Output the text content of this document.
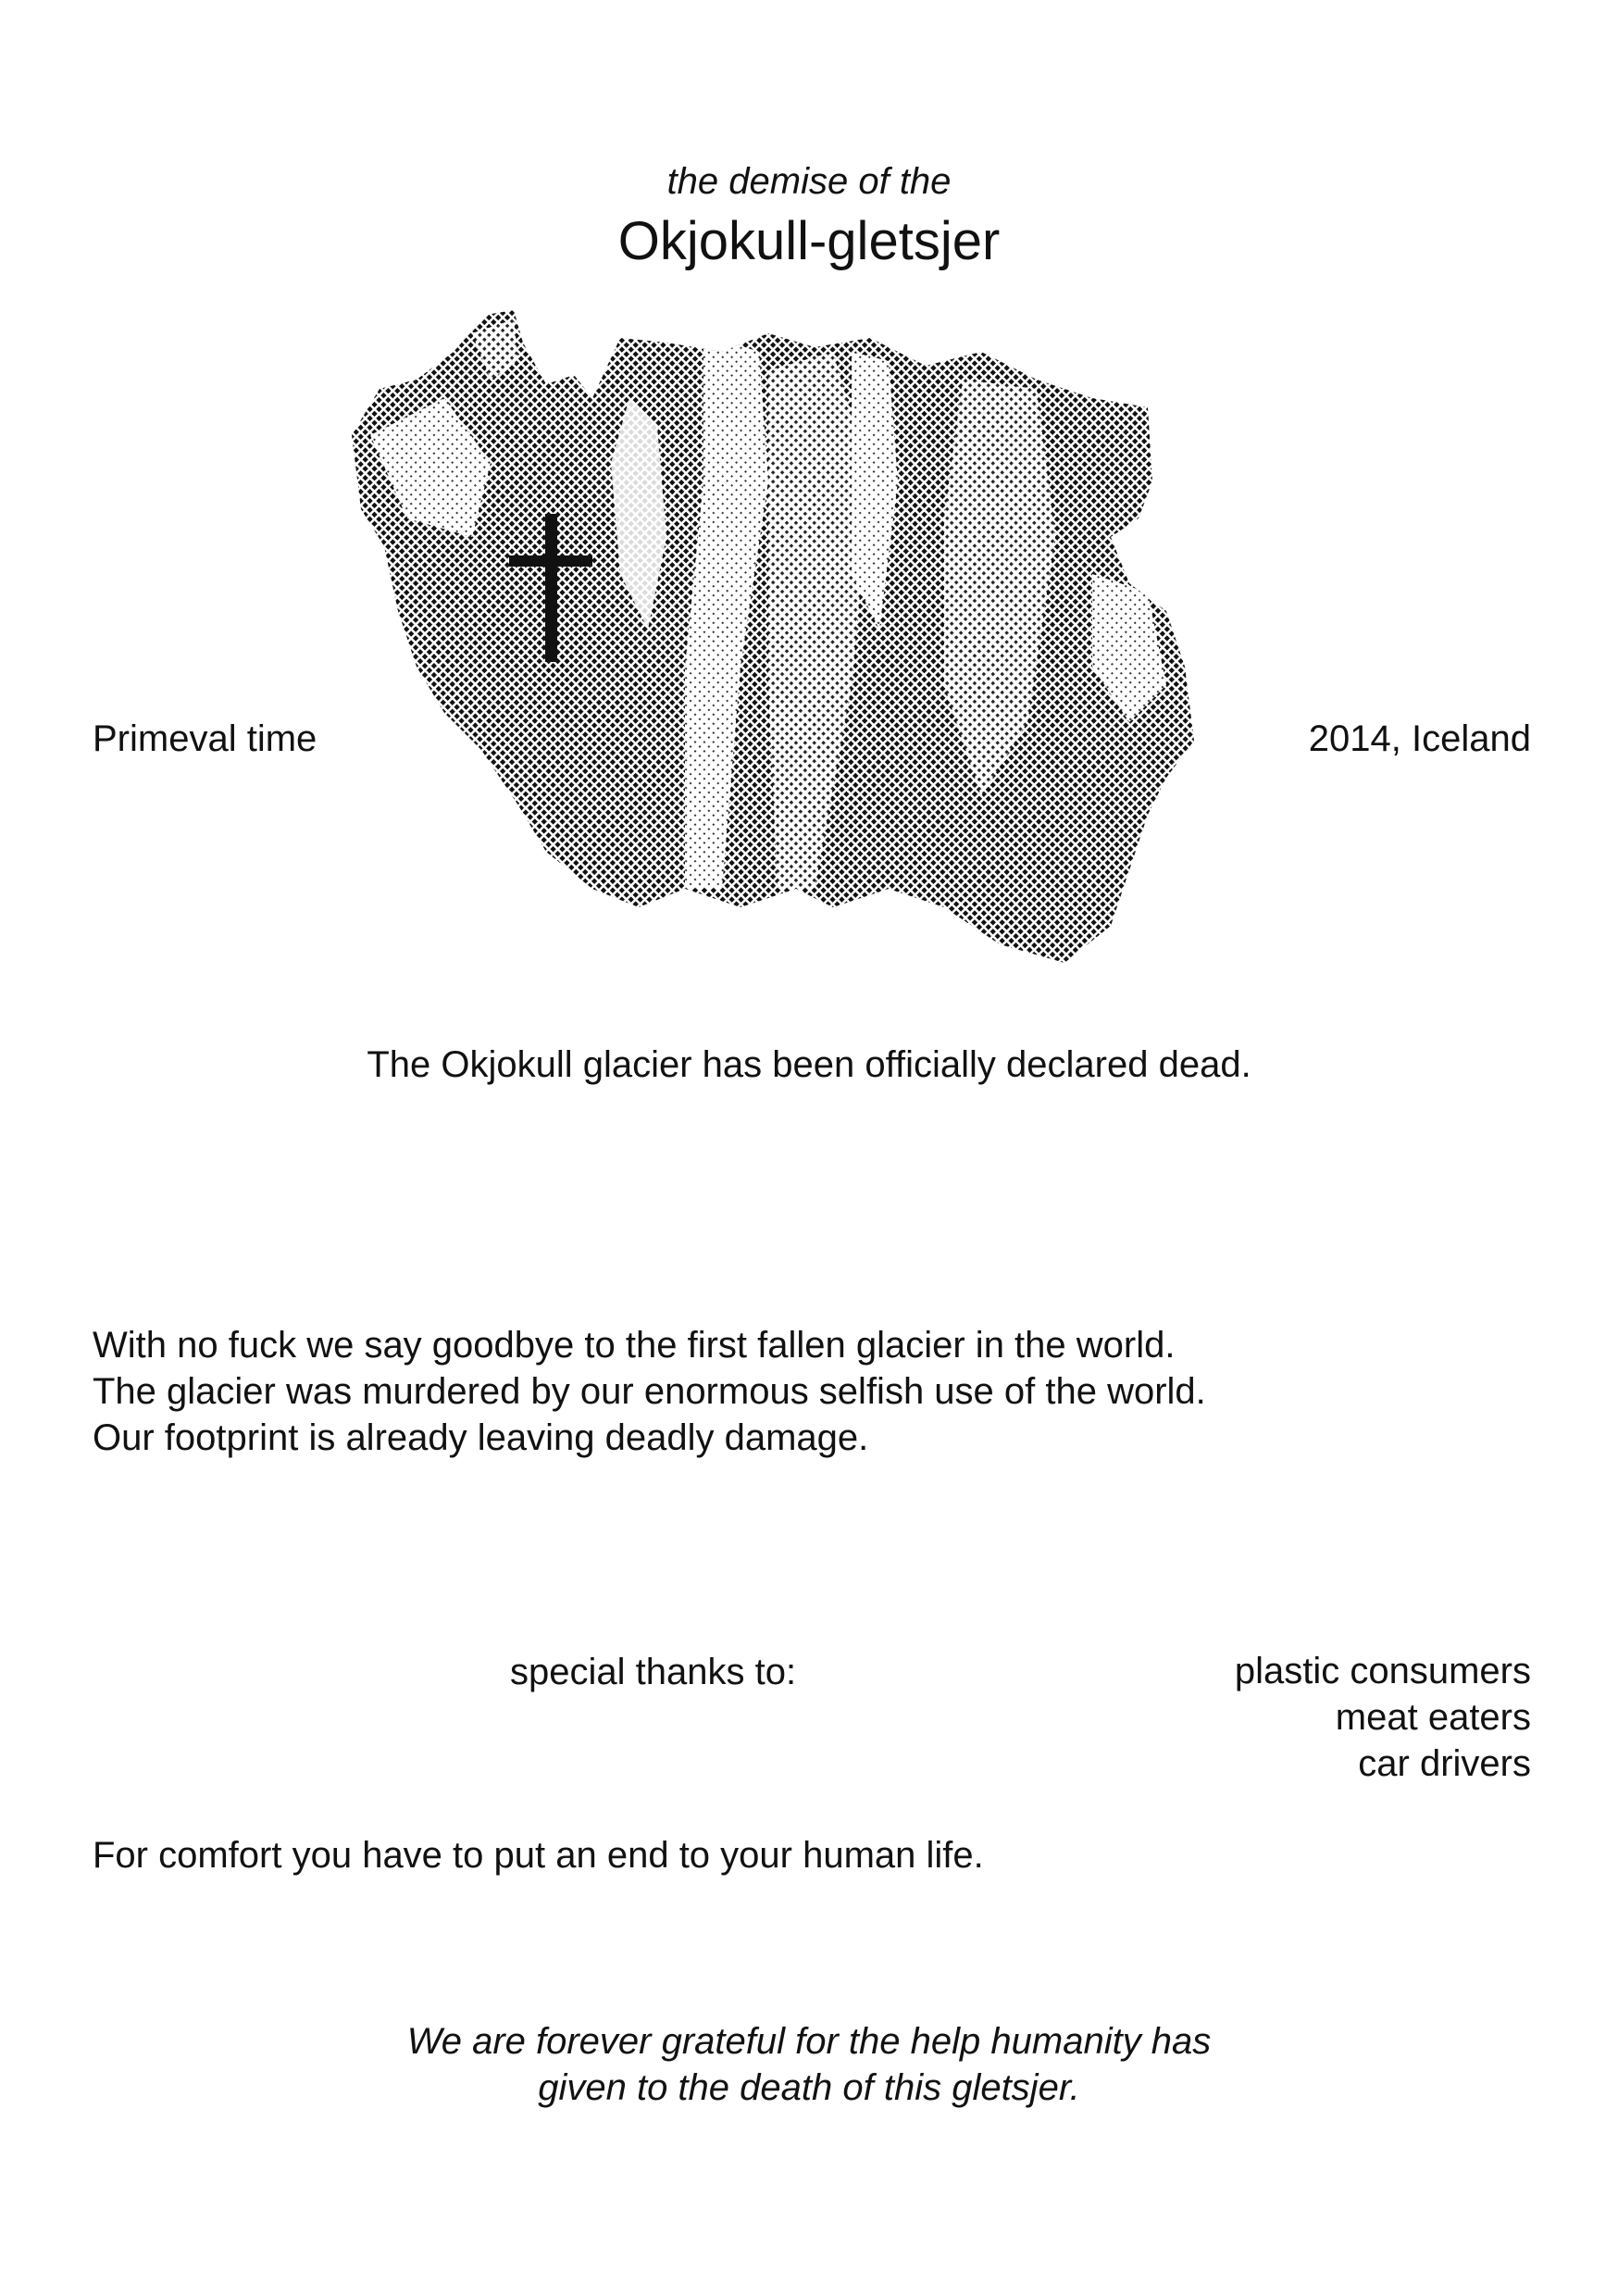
the demise of the
Okjokull-gletsjer
Primeval time	2014, Iceland
The Okjokull glacier has been officially declared dead.
With no fuck we say goodbye to the first fallen glacier in the world.
The glacier was murdered by our enormous selfish use of the world.
Our footprint is already leaving deadly damage.
special thanks to:	plastic consumers
meat eaters
car drivers
For comfort you have to put an end to your human life.
We are forever grateful for the help humanity has
given to the death of this gletsjer.
